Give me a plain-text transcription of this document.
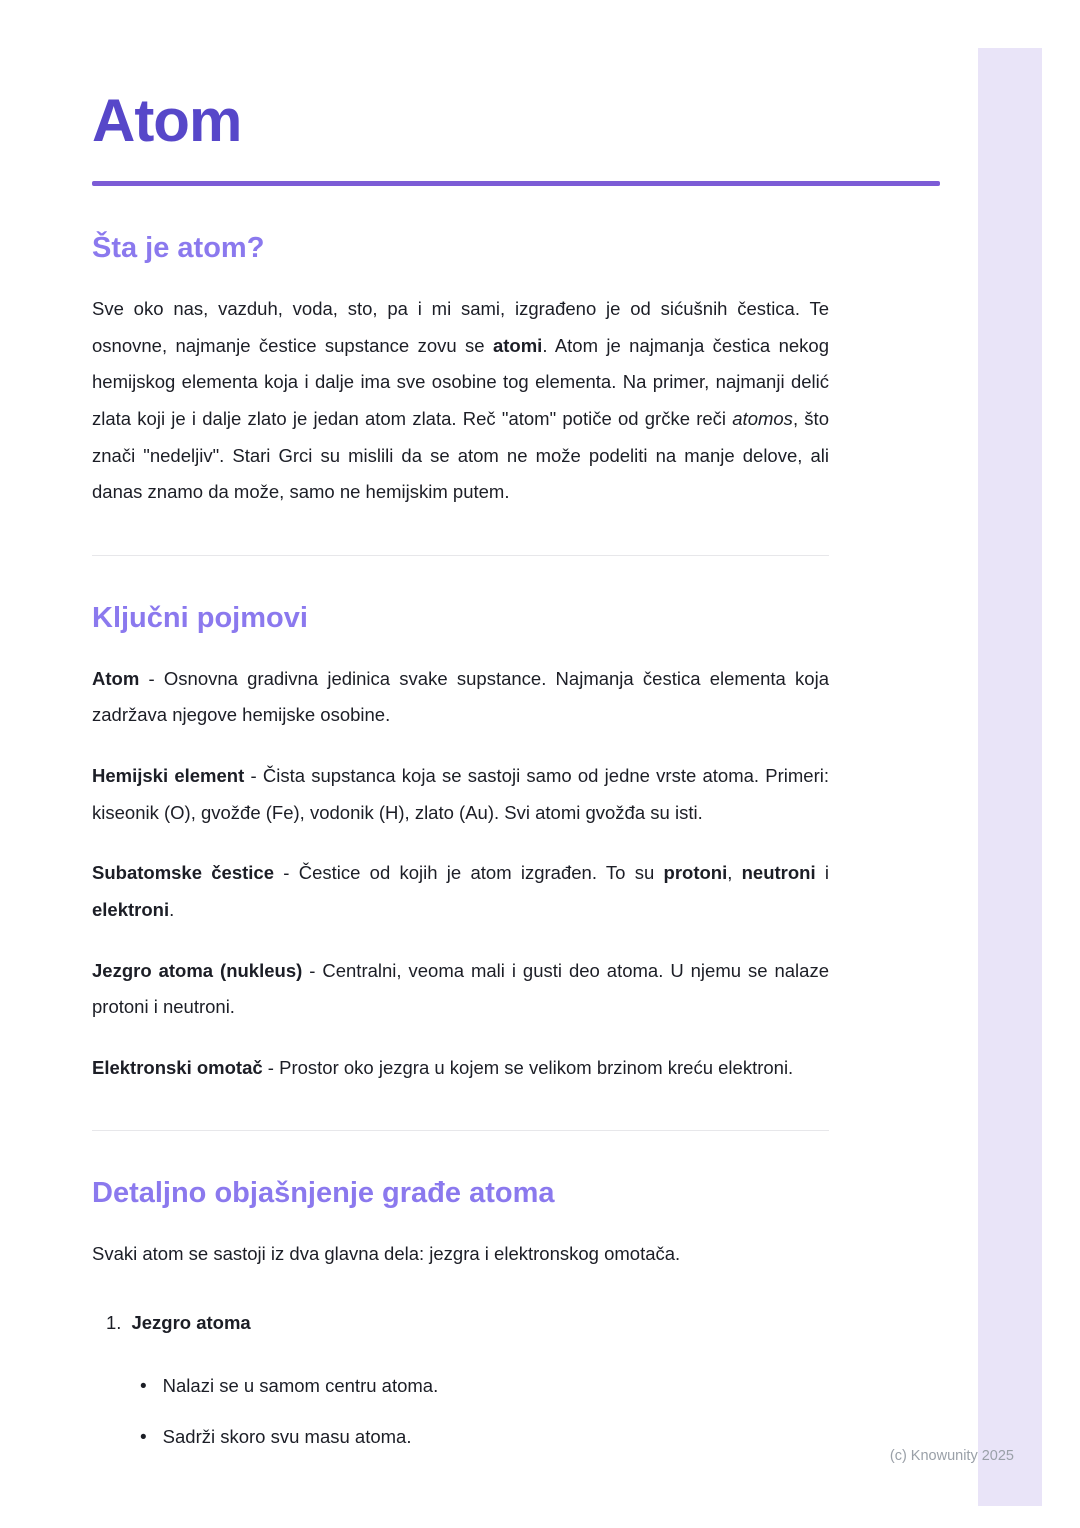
Atom
Šta je atom?

Sve oko nas, vazduh, voda, sto, pa i mi sami, izgrađeno je od sićušnih čestica. Te osnovne, najmanje čestice supstance zovu se atomi. Atom je najmanja čestica nekog hemijskog elementa koja i dalje ima sve osobine tog elementa. Na primer, najmanji delić zlata koji je i dalje zlato je jedan atom zlata. Reč "atom" potiče od grčke reči atomos, što znači "nedeljiv". Stari Grci su mislili da se atom ne može podeliti na manje delove, ali danas znamo da može, samo ne hemijskim putem.

Ključni pojmovi

Atom - Osnovna gradivna jedinica svake supstance. Najmanja čestica elementa koja zadržava njegove hemijske osobine.

Hemijski element - Čista supstanca koja se sastoji samo od jedne vrste atoma. Primeri: kiseonik (O), gvožđe (Fe), vodonik (H), zlato (Au). Svi atomi gvožđa su isti.

Subatomske čestice - Čestice od kojih je atom izgrađen. To su protoni, neutroni i elektroni.

Jezgro atoma (nukleus) - Centralni, veoma mali i gusti deo atoma. U njemu se nalaze protoni i neutroni.

Elektronski omotač - Prostor oko jezgra u kojem se velikom brzinom kreću elektroni.

Detaljno objašnjenje građe atoma

Svaki atom se sastoji iz dva glavna dela: jezgra i elektronskog omotača.

1. Jezgro atoma
•
Nalazi se u samom centru atoma.
•
Sadrži skoro svu masu atoma.
(c) Knowunity 2025
